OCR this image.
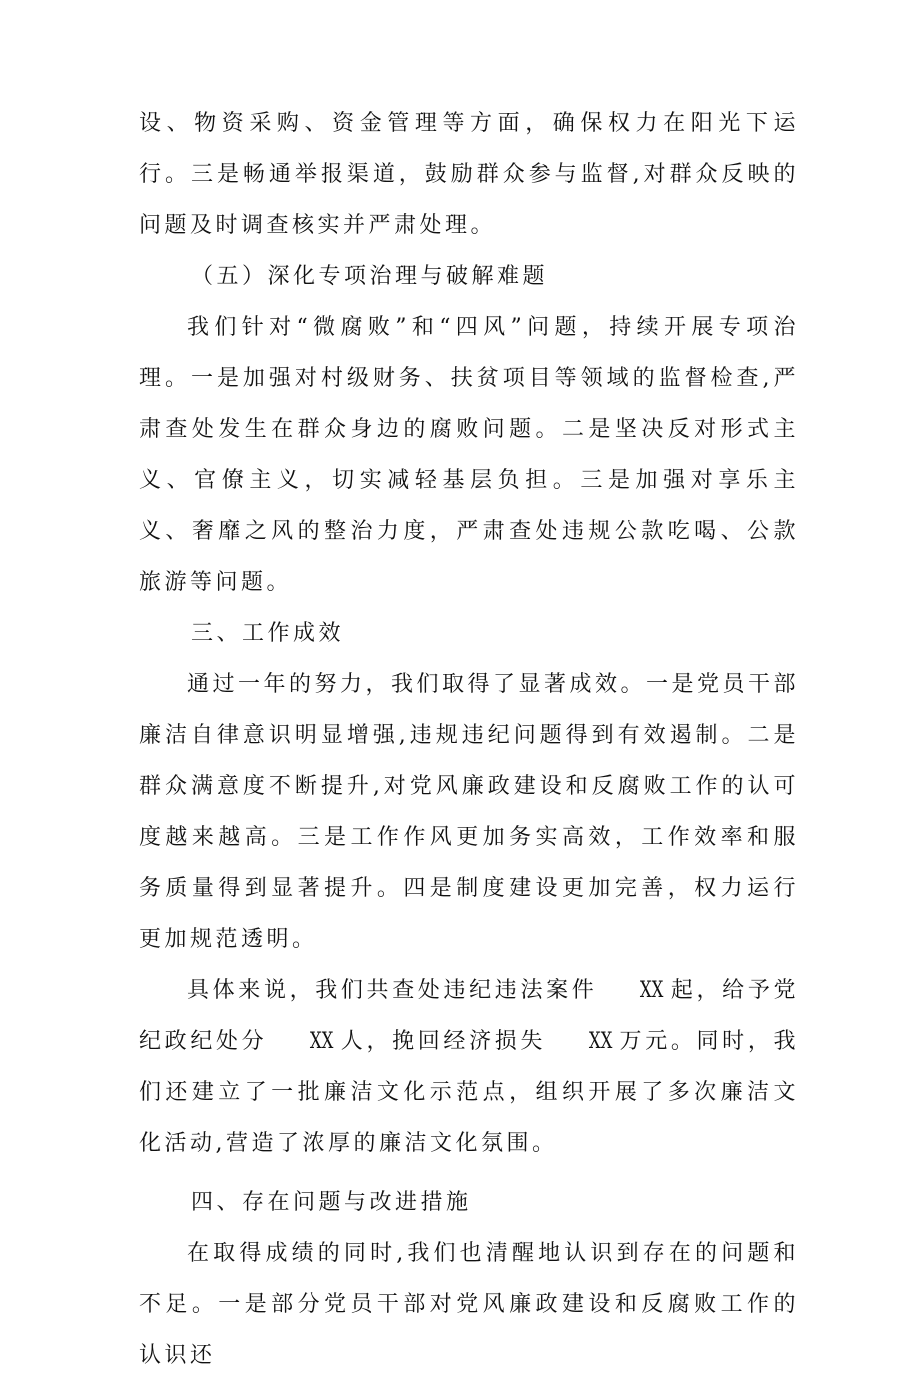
设、物资采购、资金管理等方面，确保权力在阳光下运行。三是畅通举报渠道，鼓励群众参与监督,对群众反映的问题及时调查核实并严肃处理。

（五）深化专项治理与破解难题

我们针对“微腐败”和“四风”问题，持续开展专项治理。一是加强对村级财务、扶贫项目等领域的监督检查,严肃查处发生在群众身边的腐败问题。二是坚决反对形式主义、官僚主义，切实减轻基层负担。三是加强对享乐主义、奢靡之风的整治力度，严肃查处违规公款吃喝、公款旅游等问题。

三、工作成效

通过一年的努力，我们取得了显著成效。一是党员干部廉洁自律意识明显增强,违规违纪问题得到有效遏制。二是群众满意度不断提升,对党风廉政建设和反腐败工作的认可度越来越高。三是工作作风更加务实高效，工作效率和服务质量得到显著提升。四是制度建设更加完善，权力运行更加规范透明。

具体来说，我们共查处违纪违法案件 XX 起，给予党纪政纪处分 XX 人，挽回经济损失 XX 万元。同时，我们还建立了一批廉洁文化示范点，组织开展了多次廉洁文化活动,营造了浓厚的廉洁文化氛围。

四、存在问题与改进措施

在取得成绩的同时,我们也清醒地认识到存在的问题和不足。一是部分党员干部对党风廉政建设和反腐败工作的认识还
